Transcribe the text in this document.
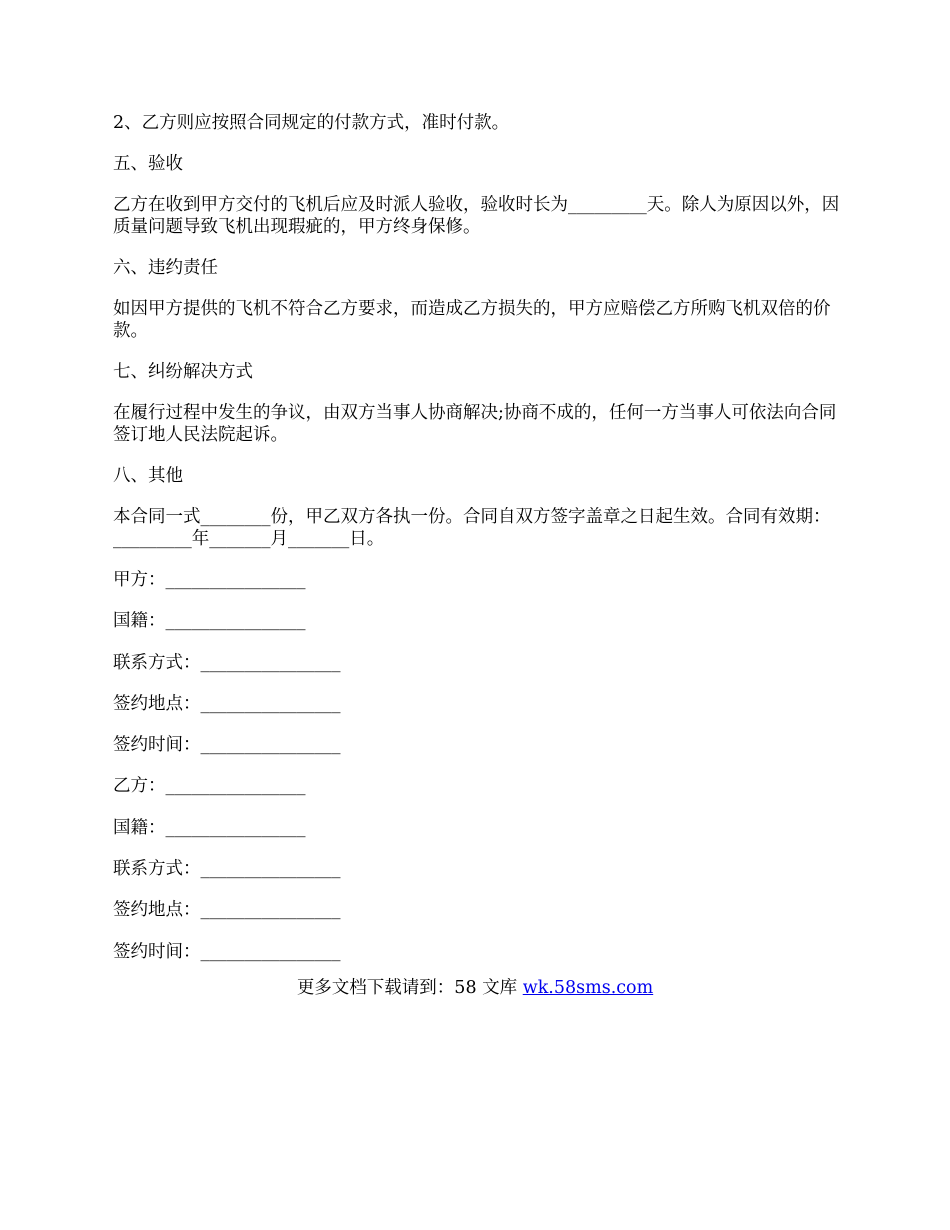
2、乙方则应按照合同规定的付款方式，准时付款。

五、验收

乙方在收到甲方交付的飞机后应及时派人验收，验收时长为_________天。除人为原因以外，因质量问题导致飞机出现瑕疵的，甲方终身保修。

六、违约责任

如因甲方提供的飞机不符合乙方要求，而造成乙方损失的，甲方应赔偿乙方所购飞机双倍的价款。

七、纠纷解决方式

在履行过程中发生的争议，由双方当事人协商解决;协商不成的，任何一方当事人可依法向合同签订地人民法院起诉。

八、其他

本合同一式________份，甲乙双方各执一份。合同自双方签字盖章之日起生效。合同有效期：_________年_______月_______日。

甲方：________________

国籍：________________

联系方式：________________

签约地点：________________

签约时间：________________

乙方：________________

国籍：________________

联系方式：________________

签约地点：________________

签约时间：________________

更多文档下载请到：58 文库 wk.58sms.com
